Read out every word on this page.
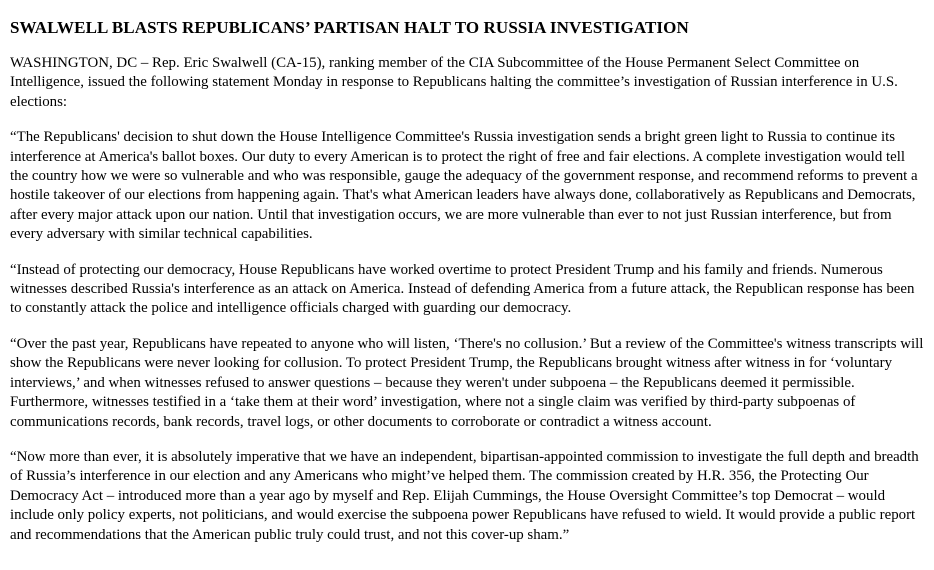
SWALWELL BLASTS REPUBLICANS’ PARTISAN HALT TO RUSSIA INVESTIGATION

WASHINGTON, DC – Rep. Eric Swalwell (CA-15), ranking member of the CIA Subcommittee of the House Permanent Select Committee on Intelligence, issued the following statement Monday in response to Republicans halting the committee’s investigation of Russian interference in U.S. elections:

“The Republicans' decision to shut down the House Intelligence Committee's Russia investigation sends a bright green light to Russia to continue its interference at America's ballot boxes. Our duty to every American is to protect the right of free and fair elections. A complete investigation would tell the country how we were so vulnerable and who was responsible, gauge the adequacy of the government response, and recommend reforms to prevent a hostile takeover of our elections from happening again. That's what American leaders have always done, collaboratively as Republicans and Democrats, after every major attack upon our nation. Until that investigation occurs, we are more vulnerable than ever to not just Russian interference, but from every adversary with similar technical capabilities.

“Instead of protecting our democracy, House Republicans have worked overtime to protect President Trump and his family and friends. Numerous witnesses described Russia's interference as an attack on America. Instead of defending America from a future attack, the Republican response has been to constantly attack the police and intelligence officials charged with guarding our democracy.

“Over the past year, Republicans have repeated to anyone who will listen, ‘There's no collusion.’ But a review of the Committee's witness transcripts will show the Republicans were never looking for collusion. To protect President Trump, the Republicans brought witness after witness in for ‘voluntary interviews,’ and when witnesses refused to answer questions – because they weren't under subpoena – the Republicans deemed it permissible. Furthermore, witnesses testified in a ‘take them at their word’ investigation, where not a single claim was verified by third-party subpoenas of communications records, bank records, travel logs, or other documents to corroborate or contradict a witness account.

“Now more than ever, it is absolutely imperative that we have an independent, bipartisan-appointed commission to investigate the full depth and breadth of Russia’s interference in our election and any Americans who might’ve helped them. The commission created by H.R. 356, the Protecting Our Democracy Act – introduced more than a year ago by myself and Rep. Elijah Cummings, the House Oversight Committee’s top Democrat – would include only policy experts, not politicians, and would exercise the subpoena power Republicans have refused to wield. It would provide a public report and recommendations that the American public truly could trust, and not this cover-up sham.”
